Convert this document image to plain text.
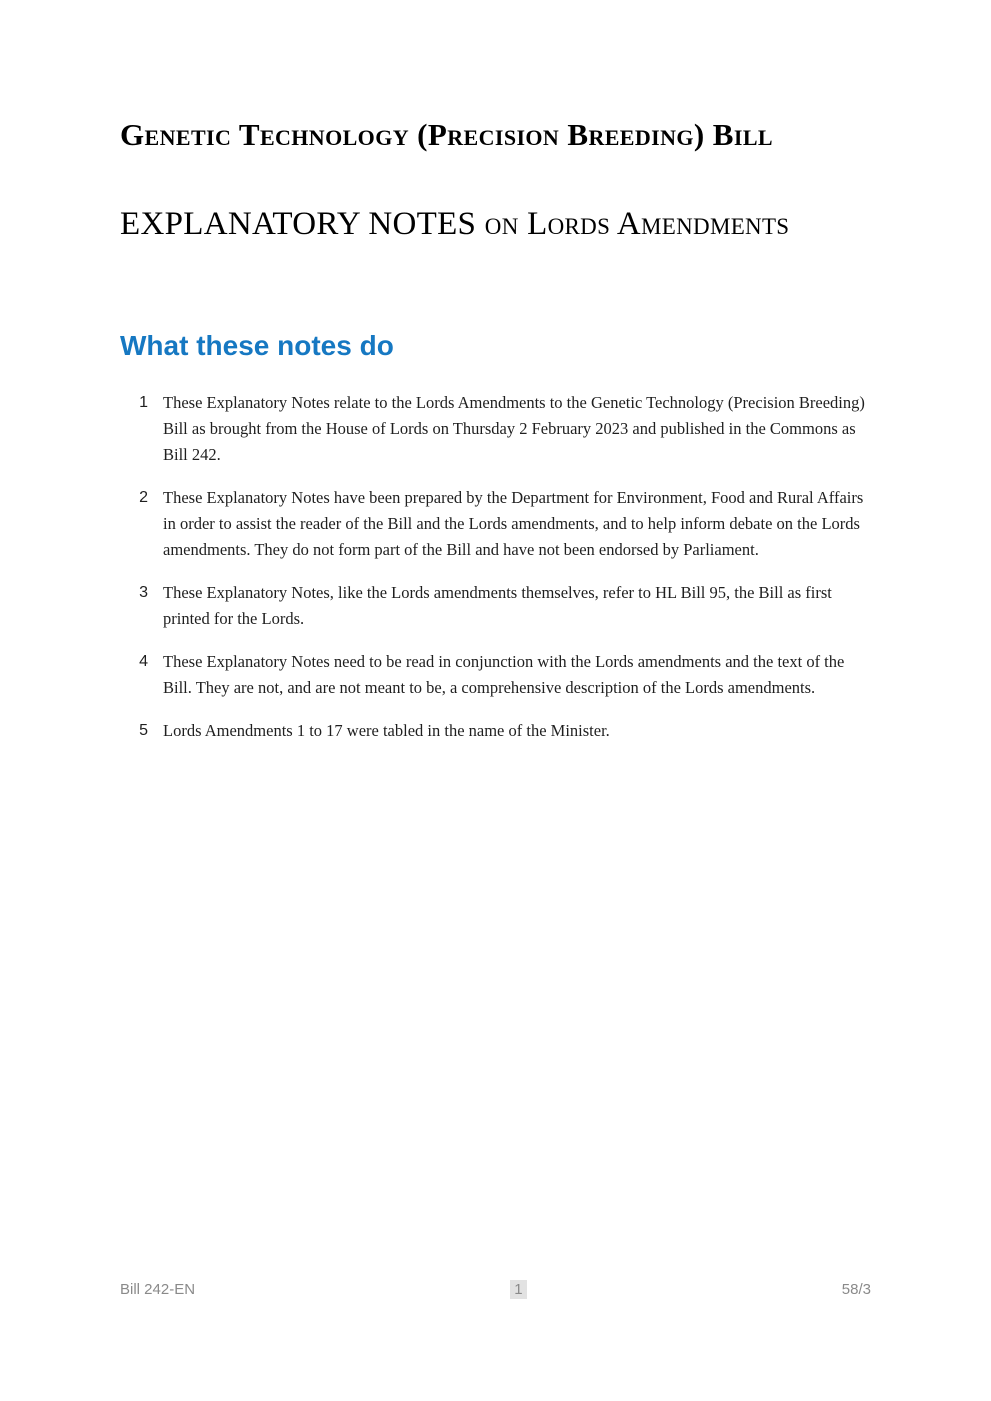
Genetic Technology (Precision Breeding) Bill
EXPLANATORY NOTES on Lords Amendments
What these notes do
1 These Explanatory Notes relate to the Lords Amendments to the Genetic Technology (Precision Breeding) Bill as brought from the House of Lords on Thursday 2 February 2023 and published in the Commons as Bill 242.
2 These Explanatory Notes have been prepared by the Department for Environment, Food and Rural Affairs in order to assist the reader of the Bill and the Lords amendments, and to help inform debate on the Lords amendments. They do not form part of the Bill and have not been endorsed by Parliament.
3 These Explanatory Notes, like the Lords amendments themselves, refer to HL Bill 95, the Bill as first printed for the Lords.
4 These Explanatory Notes need to be read in conjunction with the Lords amendments and the text of the Bill. They are not, and are not meant to be, a comprehensive description of the Lords amendments.
5 Lords Amendments 1 to 17 were tabled in the name of the Minister.
Bill 242-EN	1	58/3
